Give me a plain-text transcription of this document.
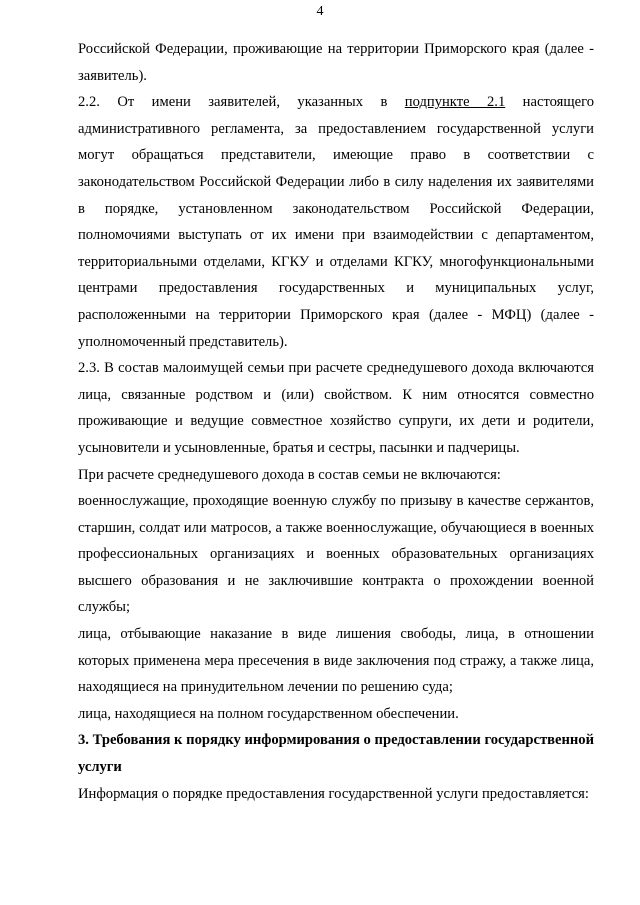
4

Российской Федерации, проживающие на территории Приморского края (далее - заявитель).

2.2. От имени заявителей, указанных в подпункте 2.1 настоящего административного регламента, за предоставлением государственной услуги могут обращаться представители, имеющие право в соответствии с законодательством Российской Федерации либо в силу наделения их заявителями в порядке, установленном законодательством Российской Федерации, полномочиями выступать от их имени при взаимодействии с департаментом, территориальными отделами, КГКУ и отделами КГКУ, многофункциональными центрами предоставления государственных и муниципальных услуг, расположенными на территории Приморского края (далее - МФЦ) (далее - уполномоченный представитель).

2.3. В состав малоимущей семьи при расчете среднедушевого дохода включаются лица, связанные родством и (или) свойством. К ним относятся совместно проживающие и ведущие совместное хозяйство супруги, их дети и родители, усыновители и усыновленные, братья и сестры, пасынки и падчерицы.

При расчете среднедушевого дохода в состав семьи не включаются:

военнослужащие, проходящие военную службу по призыву в качестве сержантов, старшин, солдат или матросов, а также военнослужащие, обучающиеся в военных профессиональных организациях и военных образовательных организациях высшего образования и не заключившие контракта о прохождении военной службы;

лица, отбывающие наказание в виде лишения свободы, лица, в отношении которых применена мера пресечения в виде заключения под стражу, а также лица, находящиеся на принудительном лечении по решению суда;

лица, находящиеся на полном государственном обеспечении.

3. Требования к порядку информирования о предоставлении государственной услуги

Информация о порядке предоставления государственной услуги предоставляется:
